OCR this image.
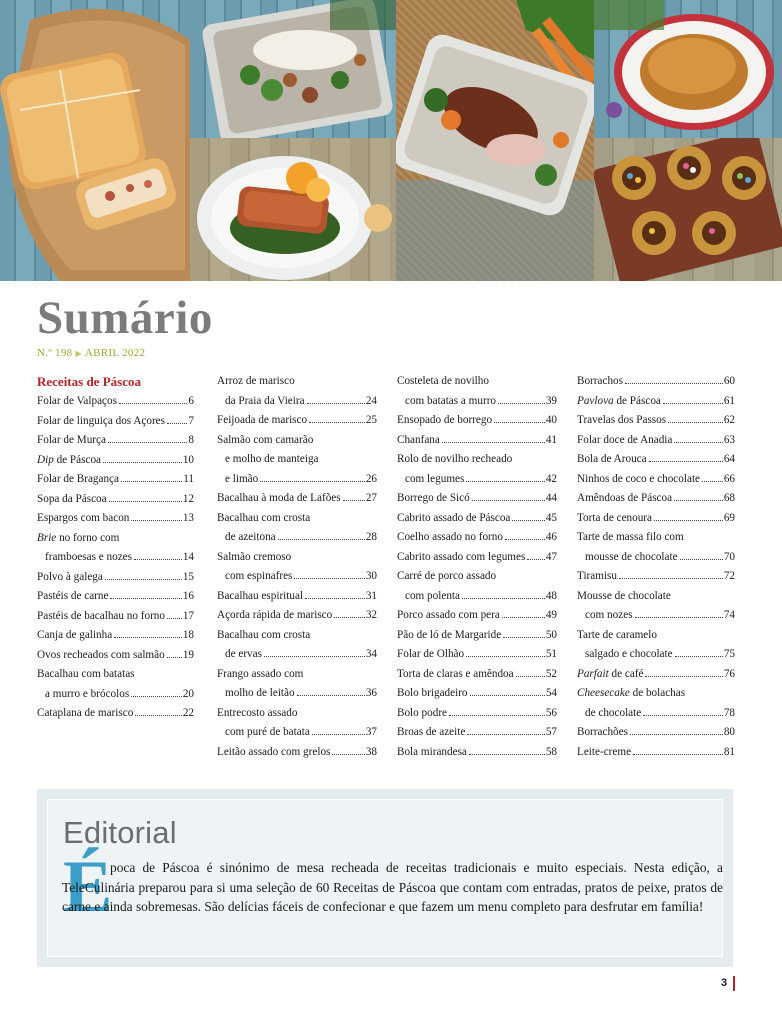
Sumário
N.º 198 ▶ ABRIL 2022
Receitas de Páscoa
Folar de Valpaços	6
Folar de linguiça dos Açores 7
Folar de Murça	8
Dip de Páscoa	10
Folar de Bragança	11
Sopa da Páscoa	12
Espargos com bacon	13
Brie no forno com
framboesas e nozes	14
Polvo à galega	15
Pastéis de carne	16
Pastéis de bacalhau no forno 17
Canja de galinha	18
Ovos recheados com salmão 19
Bacalhau com batatas
a murro e brócolos	20
Cataplana de marisco	22
Arroz de marisco
da Praia da Vieira	24
Feijoada de marisco	25
Salmão com camarão
e molho de manteiga
e limão	26
Bacalhau à moda de Lafões 27
Bacalhau com crosta
de azeitona	28
Salmão cremoso
com espinafres	30
Bacalhau espiritual	31
Açorda rápida de marisco	32
Bacalhau com crosta
de ervas	34
Frango assado com
molho de leitão	36
Entrecosto assado
com puré de batata	37
Leitão assado com grelos	38
Costeleta de novilho
com batatas a murro	39
Ensopado de borrego	40
Chanfana	41
Rolo de novilho recheado
com legumes	42
Borrego de Sicó	44
Cabrito assado de Páscoa	45
Coelho assado no forno	46
Cabrito assado com legumes 47
Carré de porco assado
com polenta	48
Porco assado com pera	49
Pão de ló de Margaride	50
Folar de Olhão	51
Torta de claras e amêndoa	52
Bolo brigadeiro	54
Bolo podre	56
Broas de azeite	57
Bola mirandesa	58
Borrachos	60
Pavlova de Páscoa	61
Travelas dos Passos	62
Folar doce de Anadia	63
Bola de Arouca	64
Ninhos de coco e chocolate 66
Amêndoas de Páscoa	68
Torta de cenoura	69
Tarte de massa filo com
mousse de chocolate	70
Tiramisu	72
Mousse de chocolate
com nozes	74
Tarte de caramelo
salgado e chocolate	75
Parfait de café	76
Cheesecake de bolachas
de chocolate	78
Borrachões	80
Leite-creme	81
Editorial
É

poca de Páscoa é sinónimo de mesa recheada de receitas tradicionais e muito especiais. Nesta edição, a TeleCulinária preparou para si uma seleção de 60 Receitas de Páscoa que contam com entradas, pratos de peixe, pratos de carne e ainda sobremesas. São delícias fáceis de confecionar e que fazem um menu completo para desfrutar em família!

3
